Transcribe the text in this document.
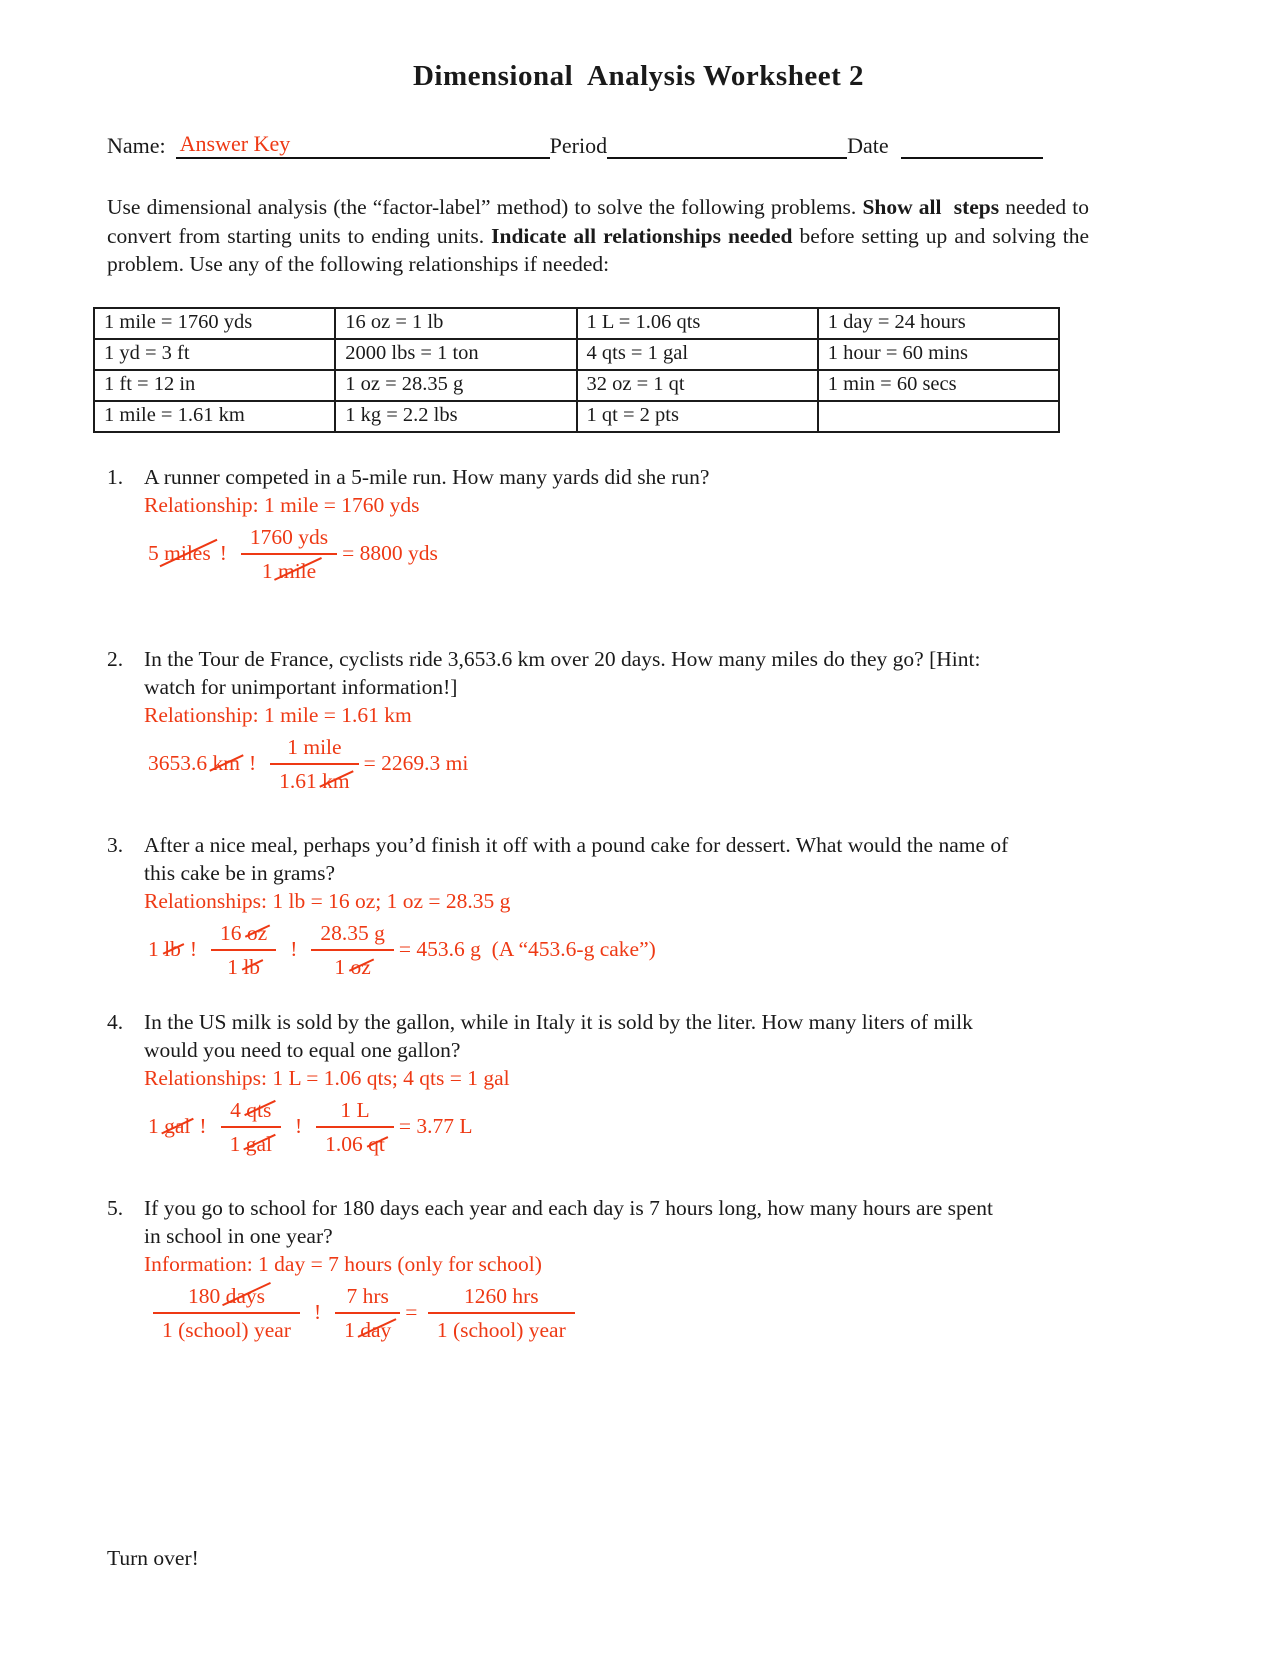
Dimensional  Analysis Worksheet 2
Name: Answer Key	Period	Date

Use dimensional analysis (the “factor-label” method) to solve the following problems. Show all  steps needed to convert from starting units to ending units. Indicate all relationships needed before setting up and solving the problem. Use any of the following relationships if needed:

1 mile = 1760 yds	16 oz = 1 lb	1 L = 1.06 qts	1 day = 24 hours
1 yd = 3 ft	2000 lbs = 1 ton	4 qts = 1 gal	1 hour = 60 mins
1 ft = 12 in	1 oz = 28.35 g	32 oz = 1 qt	1 min = 60 secs
1 mile = 1.61 km	1 kg = 2.2 lbs	1 qt = 2 pts	
1. A runner competed in a 5-mile run. How many yards did she run?
Relationship: 1 mile = 1760 yds
5 miles ! $\frac{\text{1760 yds}}{\text{1 mile}} = 8800$ yds
2. In the Tour de France, cyclists ride 3,653.6 km over 20 days. How many miles do they go? [Hint:
watch for unimportant information!]
Relationship: 1 mile = 1.61 km
3653.6 km ! $\frac{\text{1 mile}}{1.61 km} = 2269.3$ mi
3. After a nice meal, perhaps you’d finish it off with a pound cake for dessert. What would the name of
this cake be in grams?
Relationships: 1 lb = 16 oz; 1 oz = 28.35 g
1 lb ! $\frac{16 oz}{1 lb}$ ! $\frac{28.35 g}{1 oz} = 453.6$ g  (A “453.6-g cake”)
4. In the US milk is sold by the gallon, while in Italy it is sold by the liter. How many liters of milk
would you need to equal one gallon?
Relationships: 1 L = 1.06 qts; 4 qts = 1 gal
1 gal ! $\frac{\text{4 qts}}{\text{1 gal}}$ ! $\frac{1 L}{1.06 qt} = 3.77$ L
5. If you go to school for 180 days each year and each day is 7 hours long, how many hours are spent
in school in one year?
Information: 1 day = 7 hours (only for school)
$\frac{\text{180 days}}{\text{1 (school) year}}$ ! $\frac{\text{7 hrs}}{\text{1 day}} = \frac{\text{1260 hrs}}{\text{1 (school) year}}$
Turn over!
